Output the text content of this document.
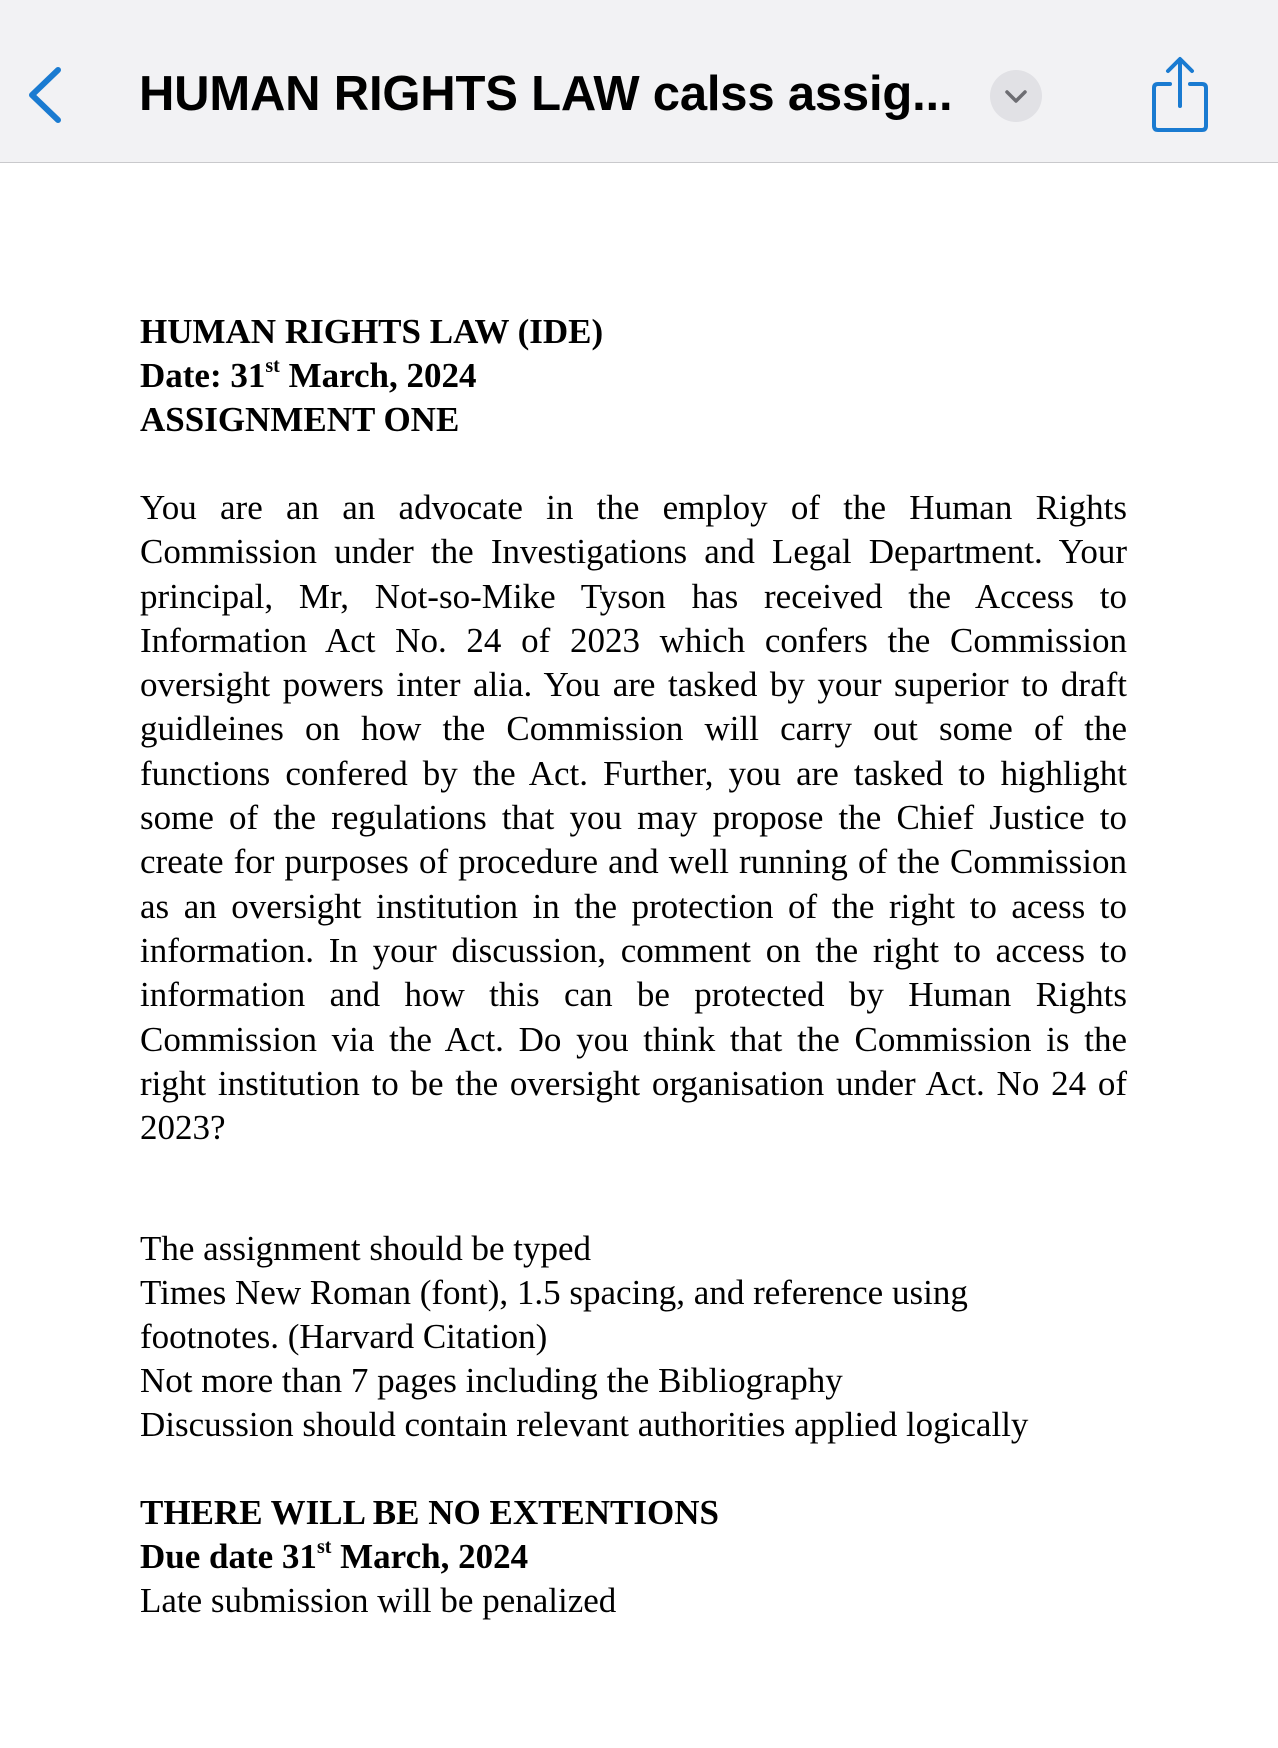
HUMAN RIGHTS LAW calss assig...
HUMAN RIGHTS LAW (IDE)
Date: 31st March, 2024
ASSIGNMENT ONE
You are an an advocate in the employ of the Human Rights Commission under the Investigations and Legal Department. Your principal, Mr, Not-so-Mike Tyson has received the Access to Information Act No. 24 of 2023 which confers the Commission oversight powers inter alia. You are tasked by your superior to draft guidleines on how the Commission will carry out some of the functions confered by the Act. Further, you are tasked to highlight some of the regulations that you may propose the Chief Justice to create for purposes of procedure and well running of the Commission as an oversight institution in the protection of the right to acess to information. In your discussion, comment on the right to access to information and how this can be protected by Human Rights Commission via the Act. Do you think that the Commission is the right institution to be the oversight organisation under Act. No 24 of 2023?
The assignment should be typed
Times New Roman (font), 1.5 spacing, and reference using
footnotes. (Harvard Citation)
Not more than 7 pages including the Bibliography
Discussion should contain relevant authorities applied logically
THERE WILL BE NO EXTENTIONS
Due date 31st March, 2024
Late submission will be penalized
